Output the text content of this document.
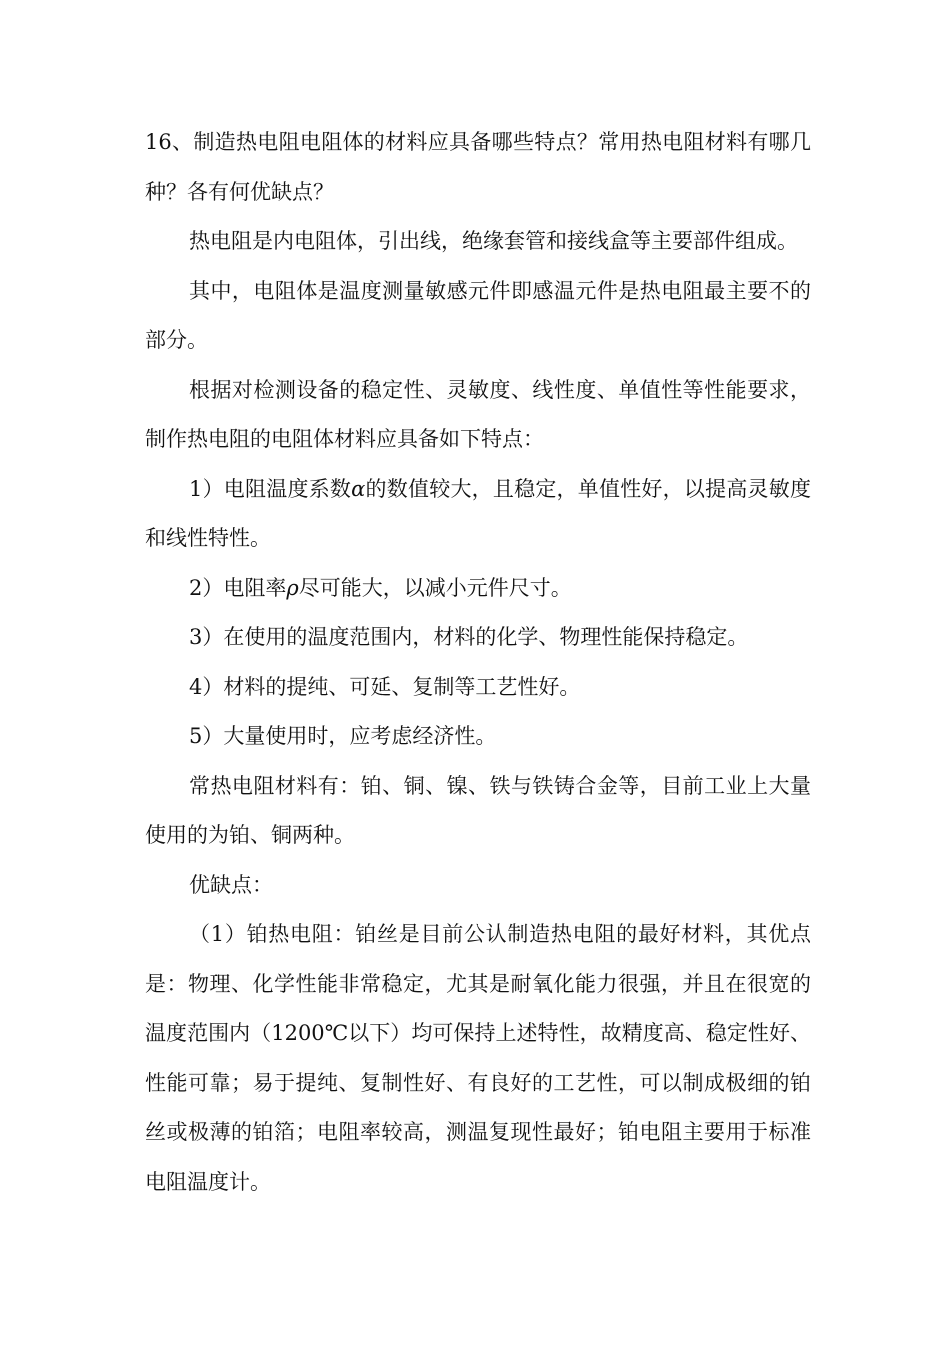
16、制造热电阻电阻体的材料应具备哪些特点？常用热电阻材料有哪几种？各有何优缺点？

热电阻是内电阻体，引出线，绝缘套管和接线盒等主要部件组成。

其中，电阻体是温度测量敏感元件即感温元件是热电阻最主要不的部分。

根据对检测设备的稳定性、灵敏度、线性度、单值性等性能要求，制作热电阻的电阻体材料应具备如下特点：

1）电阻温度系数α的数值较大，且稳定，单值性好，以提高灵敏度和线性特性。

2）电阻率ρ尽可能大，以减小元件尺寸。

3）在使用的温度范围内，材料的化学、物理性能保持稳定。

4）材料的提纯、可延、复制等工艺性好。

5）大量使用时，应考虑经济性。

常热电阻材料有：铂、铜、镍、铁与铁铸合金等，目前工业上大量使用的为铂、铜两种。

优缺点：

（1）铂热电阻：铂丝是目前公认制造热电阻的最好材料，其优点是：物理、化学性能非常稳定，尤其是耐氧化能力很强，并且在很宽的温度范围内（1200℃以下）均可保持上述特性，故精度高、稳定性好、性能可靠；易于提纯、复制性好、有良好的工艺性，可以制成极细的铂丝或极薄的铂箔；电阻率较高，测温复现性最好；铂电阻主要用于标准电阻温度计。
